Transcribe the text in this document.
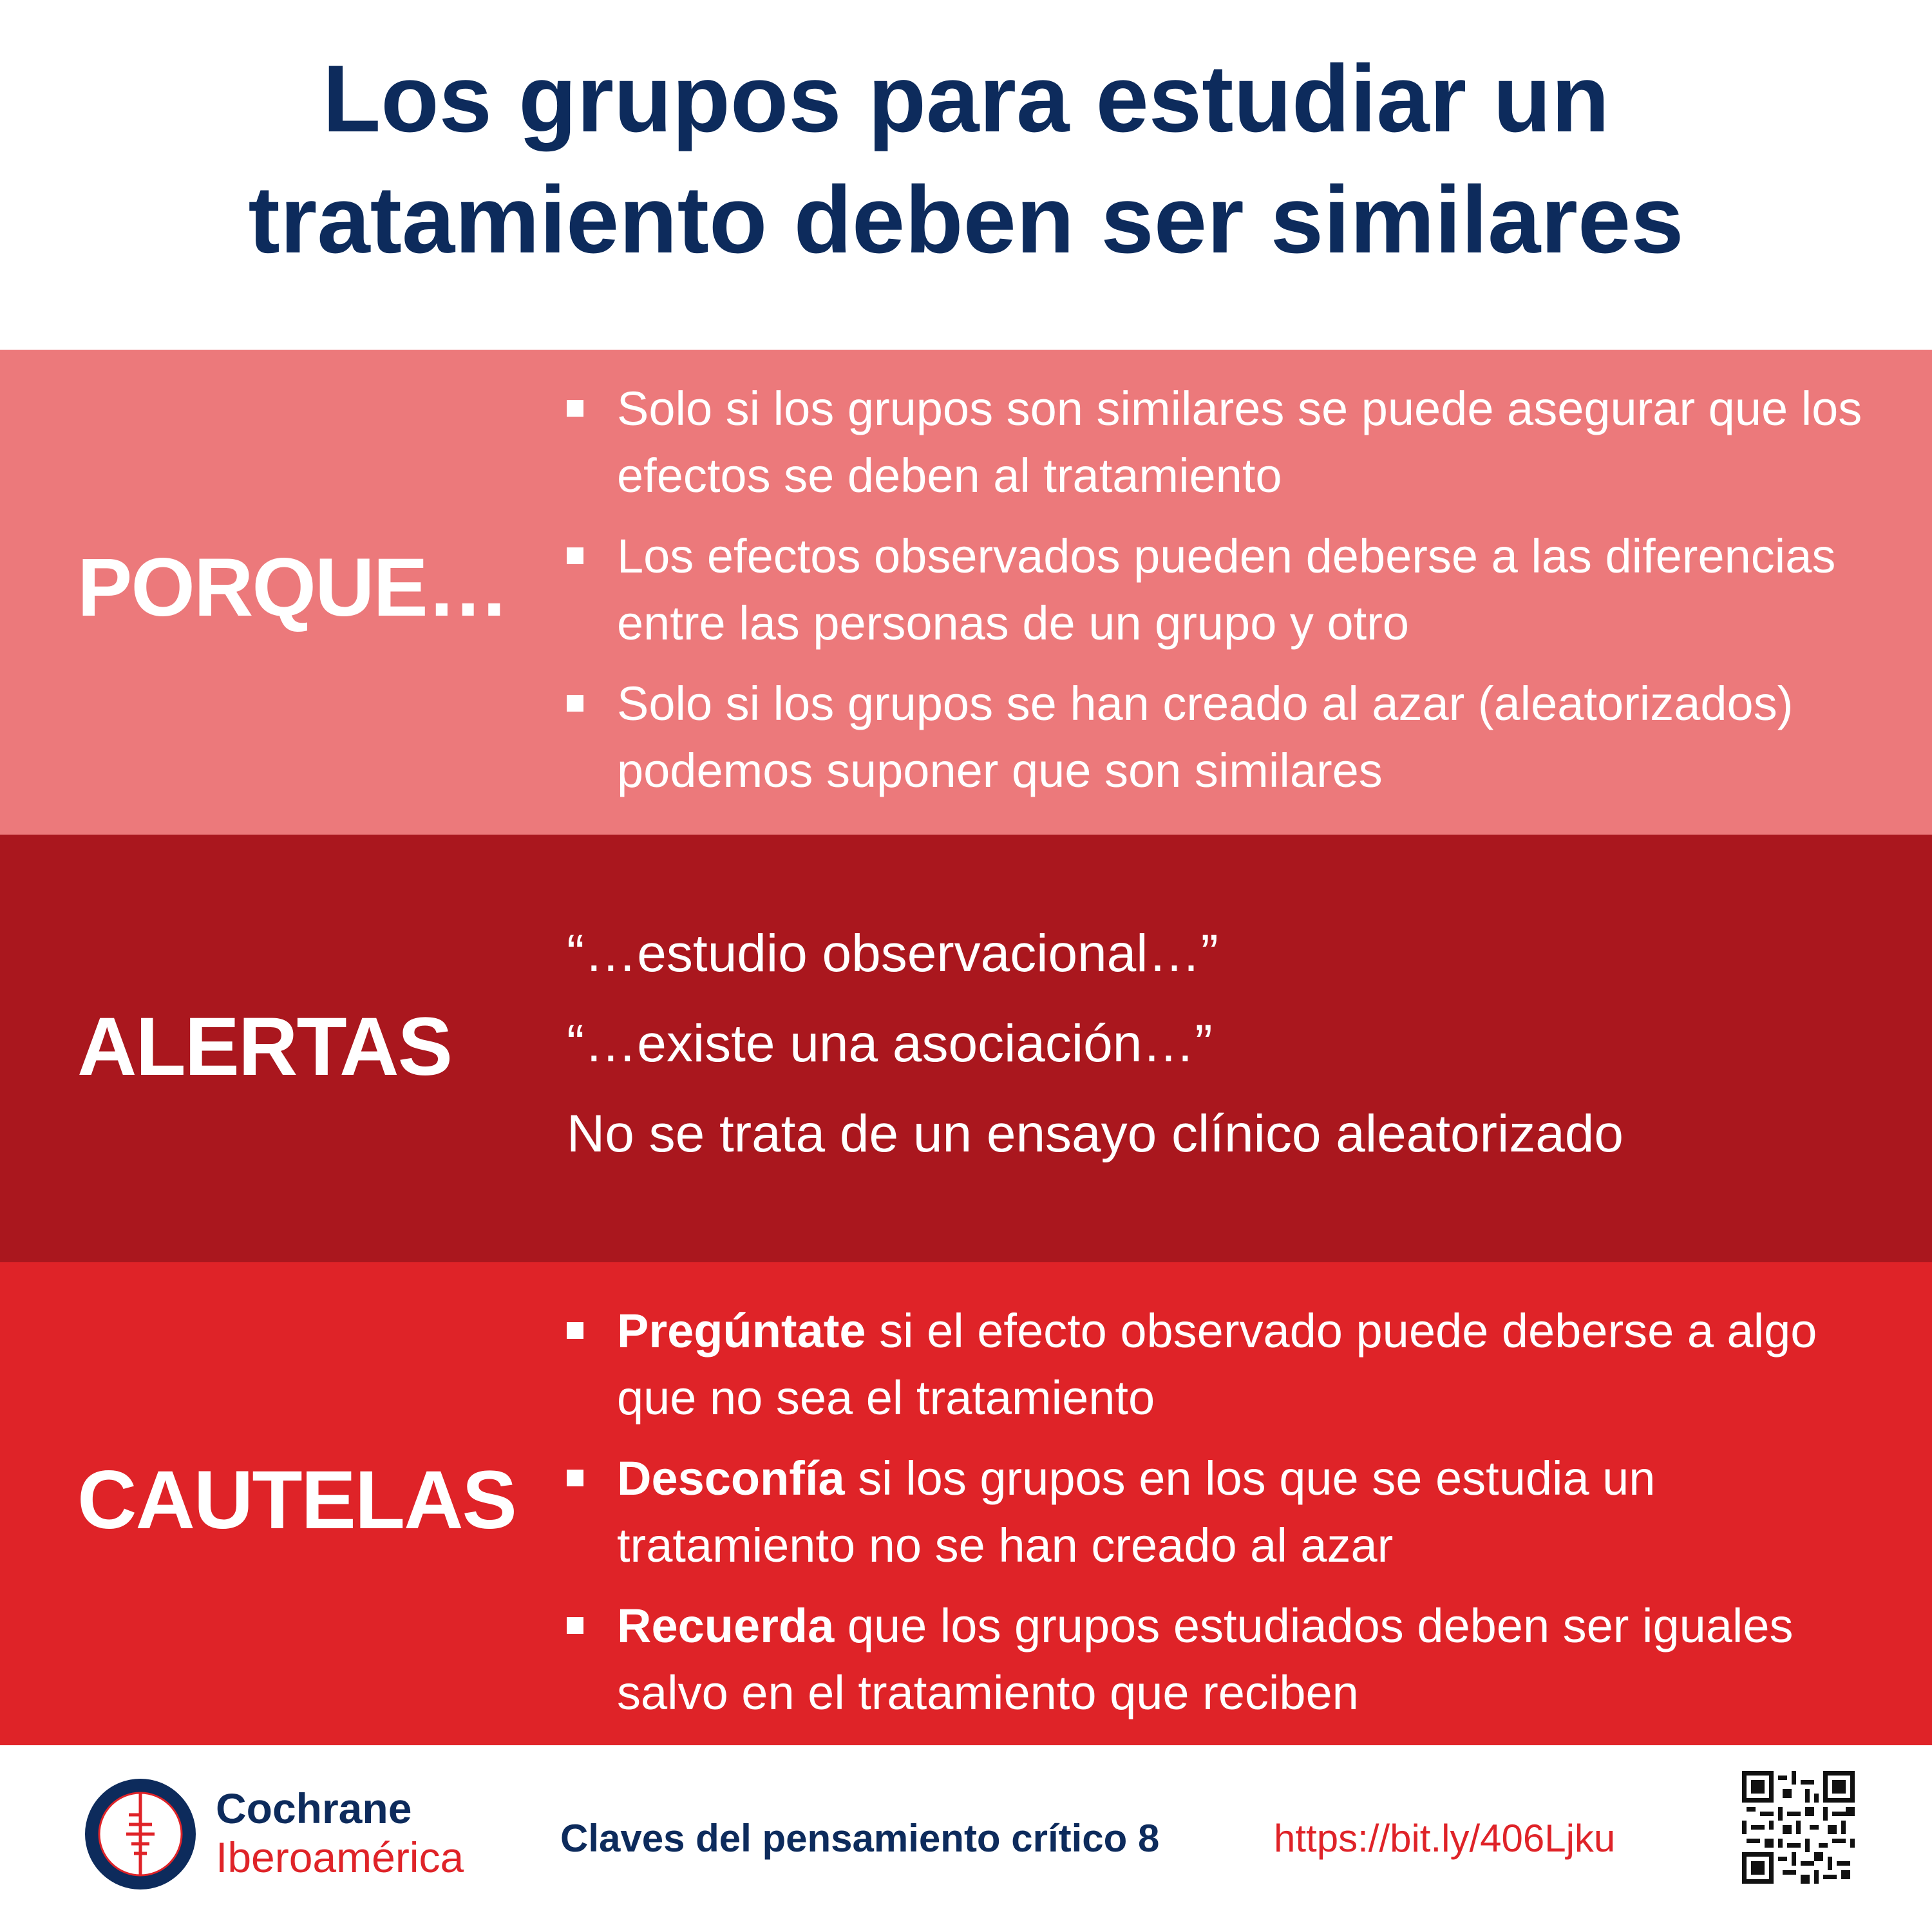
Los grupos para estudiar un
tratamiento deben ser similares
PORQUE…
Solo si los grupos son similares se puede asegurar que los efectos se deben al tratamiento
Los efectos observados pueden deberse a las diferencias entre las personas de un grupo y otro
Solo si los grupos se han creado al azar (aleatorizados) podemos suponer que son similares
ALERTAS
“…estudio observacional…”
“…existe una asociación…”
No se trata de un ensayo clínico aleatorizado
CAUTELAS
Pregúntate si el efecto observado puede deberse a algo que no sea el tratamiento
Desconfía si los grupos en los que se estudia un tratamiento no se han creado al azar
Recuerda que los grupos estudiados deben ser iguales salvo en el tratamiento que reciben
Cochrane
Iberoamérica Claves del pensamiento crítico 8	https://bit.ly/406Ljku
